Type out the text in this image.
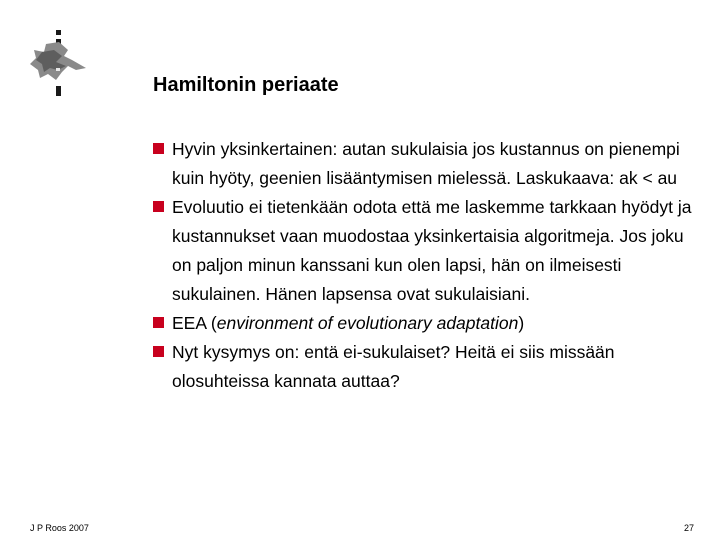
Hamiltonin periaate
Hyvin yksinkertainen: autan sukulaisia jos kustannus on pienempi kuin hyöty, geenien lisääntymisen mielessä. Laskukaava: ak < au
Evoluutio ei tietenkään odota että me laskemme tarkkaan hyödyt ja kustannukset vaan muodostaa yksinkertaisia algoritmeja. Jos joku on paljon minun kanssani kun olen lapsi, hän on ilmeisesti sukulainen. Hänen lapsensa ovat sukulaisiani.
EEA (environment of evolutionary adaptation)
Nyt kysymys on: entä ei-sukulaiset? Heitä ei siis missään olosuhteissa kannata auttaa?
J P Roos 2007	27
